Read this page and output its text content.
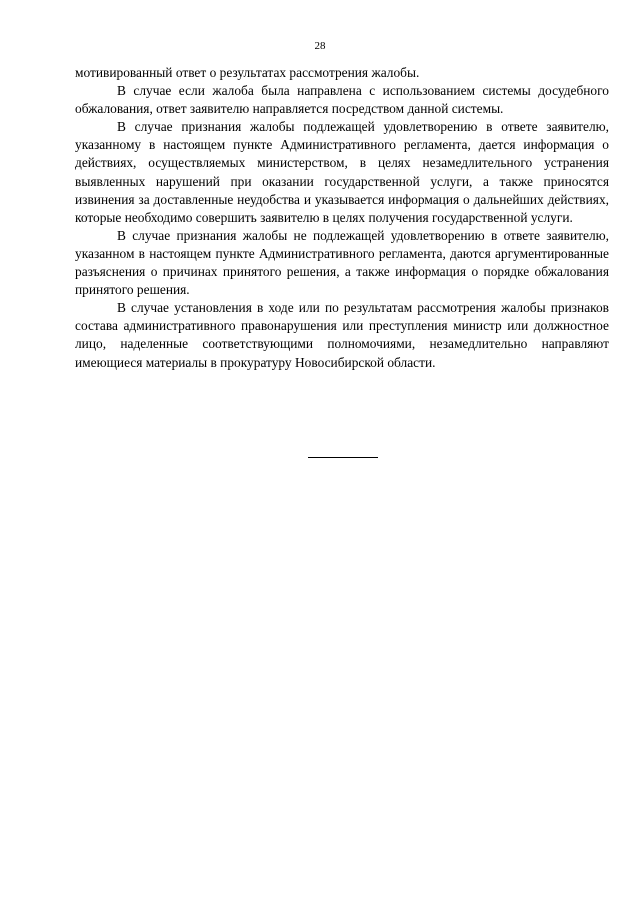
28

мотивированный ответ о результатах рассмотрения жалобы.

В случае если жалоба была направлена с использованием системы досудебного обжалования, ответ заявителю направляется посредством данной системы.

В случае признания жалобы подлежащей удовлетворению в ответе заявителю, указанному в настоящем пункте Административного регламента, дается информация о действиях, осуществляемых министерством, в целях незамедлительного устранения выявленных нарушений при оказании государственной услуги, а также приносятся извинения за доставленные неудобства и указывается информация о дальнейших действиях, которые необходимо совершить заявителю в целях получения государственной услуги.

В случае признания жалобы не подлежащей удовлетворению в ответе заявителю, указанном в настоящем пункте Административного регламента, даются аргументированные разъяснения о причинах принятого решения, а также информация о порядке обжалования принятого решения.

В случае установления в ходе или по результатам рассмотрения жалобы признаков состава административного правонарушения или преступления министр или должностное лицо, наделенные соответствующими полномочиями, незамедлительно направляют имеющиеся материалы в прокуратуру Новосибирской области.
